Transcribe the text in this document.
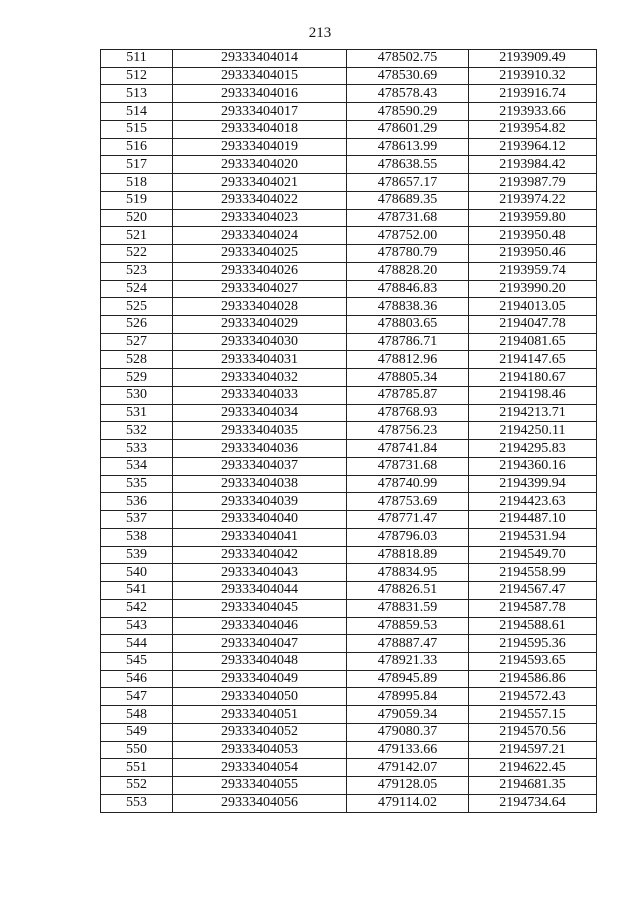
213
511	29333404014	478502.75	2193909.49
512	29333404015	478530.69	2193910.32
513	29333404016	478578.43	2193916.74
514	29333404017	478590.29	2193933.66
515	29333404018	478601.29	2193954.82
516	29333404019	478613.99	2193964.12
517	29333404020	478638.55	2193984.42
518	29333404021	478657.17	2193987.79
519	29333404022	478689.35	2193974.22
520	29333404023	478731.68	2193959.80
521	29333404024	478752.00	2193950.48
522	29333404025	478780.79	2193950.46
523	29333404026	478828.20	2193959.74
524	29333404027	478846.83	2193990.20
525	29333404028	478838.36	2194013.05
526	29333404029	478803.65	2194047.78
527	29333404030	478786.71	2194081.65
528	29333404031	478812.96	2194147.65
529	29333404032	478805.34	2194180.67
530	29333404033	478785.87	2194198.46
531	29333404034	478768.93	2194213.71
532	29333404035	478756.23	2194250.11
533	29333404036	478741.84	2194295.83
534	29333404037	478731.68	2194360.16
535	29333404038	478740.99	2194399.94
536	29333404039	478753.69	2194423.63
537	29333404040	478771.47	2194487.10
538	29333404041	478796.03	2194531.94
539	29333404042	478818.89	2194549.70
540	29333404043	478834.95	2194558.99
541	29333404044	478826.51	2194567.47
542	29333404045	478831.59	2194587.78
543	29333404046	478859.53	2194588.61
544	29333404047	478887.47	2194595.36
545	29333404048	478921.33	2194593.65
546	29333404049	478945.89	2194586.86
547	29333404050	478995.84	2194572.43
548	29333404051	479059.34	2194557.15
549	29333404052	479080.37	2194570.56
550	29333404053	479133.66	2194597.21
551	29333404054	479142.07	2194622.45
552	29333404055	479128.05	2194681.35
553	29333404056	479114.02	2194734.64
